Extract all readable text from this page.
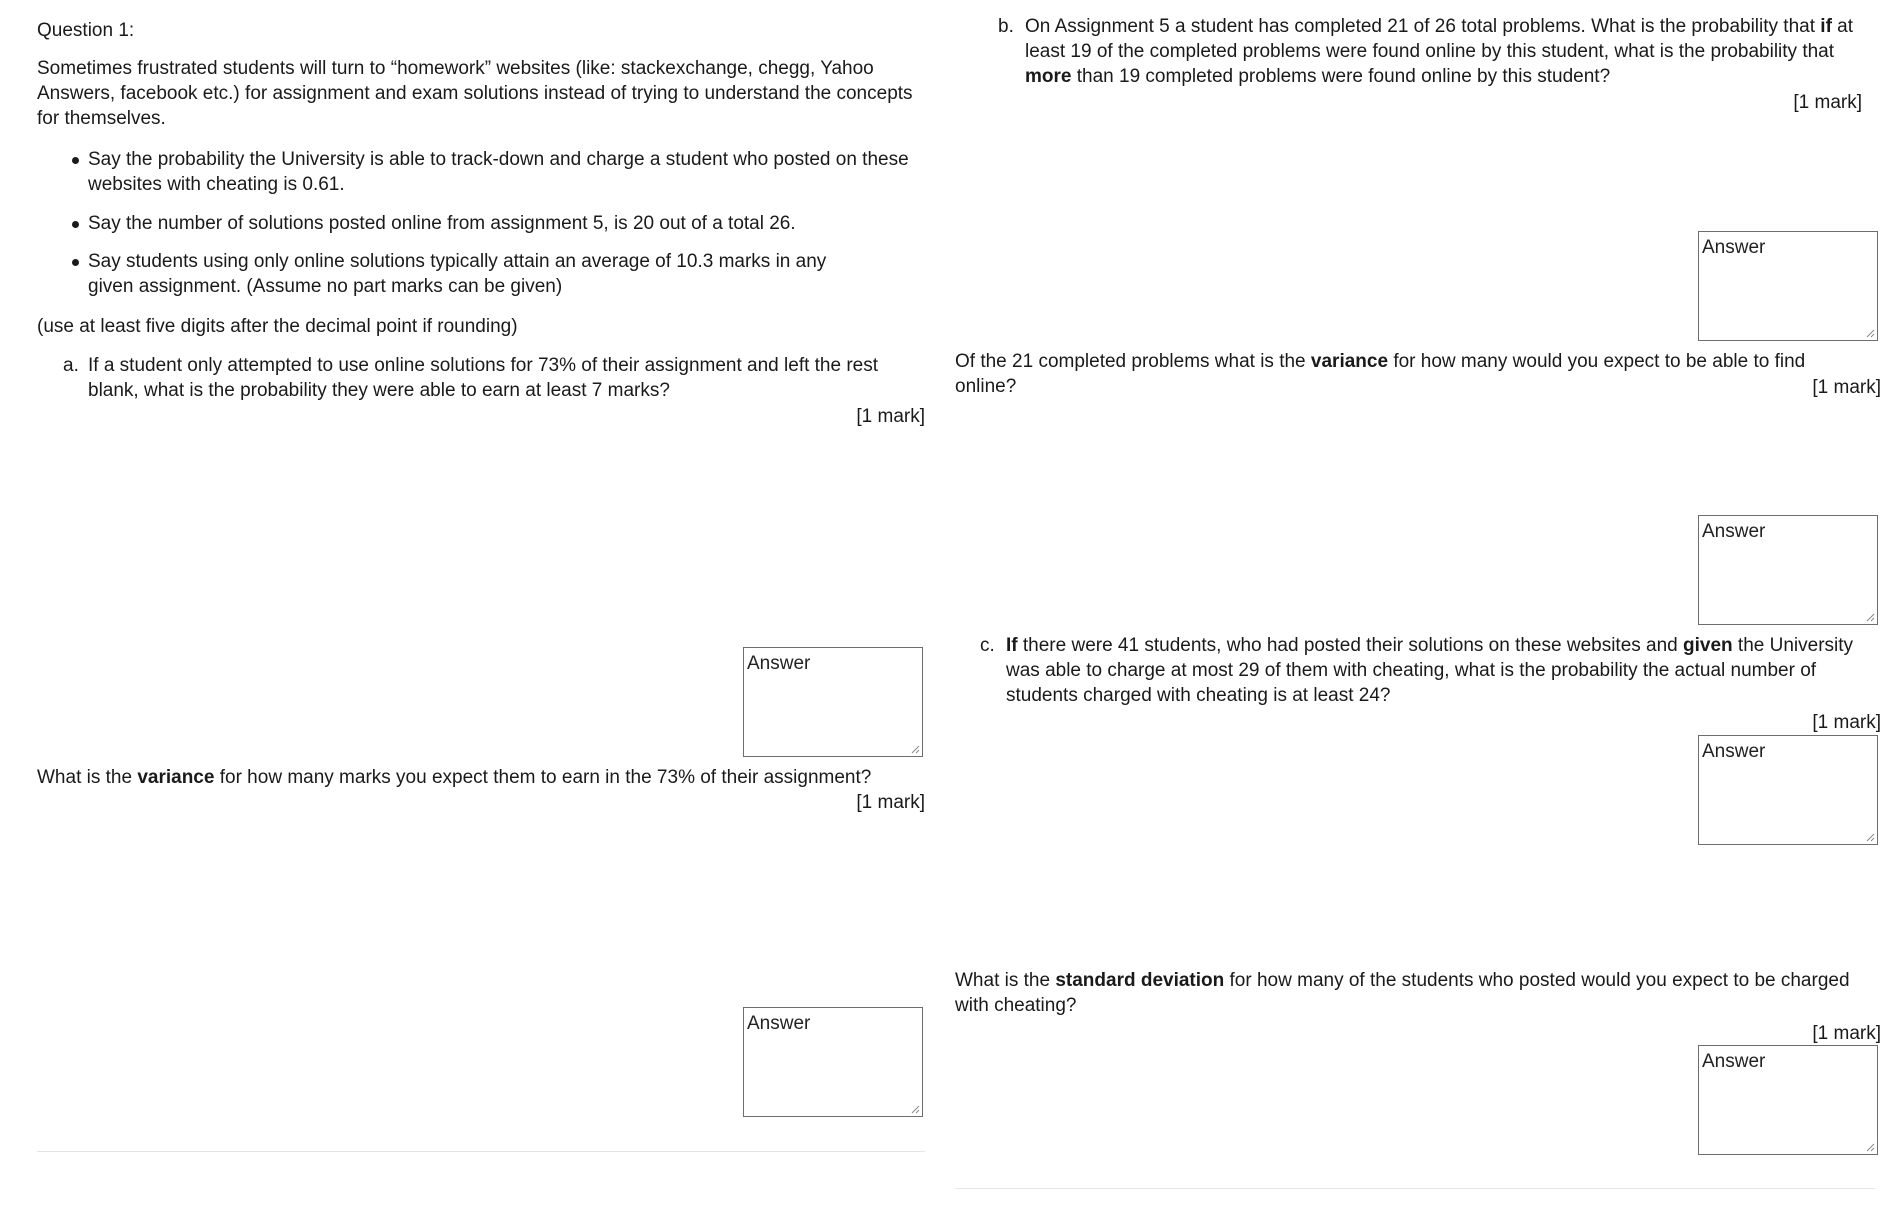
Question 1:

Sometimes frustrated students will turn to “homework” websites (like: stackexchange, chegg, Yahoo Answers, facebook etc.) for assignment and exam solutions instead of trying to understand the concepts for themselves.

Say the probability the University is able to track-down and charge a student who posted on these websites with cheating is 0.61.

Say the number of solutions posted online from assignment 5, is 20 out of a total 26.

Say students using only online solutions typically attain an average of 10.3 marks in any given assignment. (Assume no part marks can be given)

(use at least five digits after the decimal point if rounding)

a. If a student only attempted to use online solutions for 73% of their assignment and left the rest blank, what is the probability they were able to earn at least 7 marks?

[1 mark]
Answer

What is the variance for how many marks you expect them to earn in the 73% of their assignment?

[1 mark]
Answer

b. On Assignment 5 a student has completed 21 of 26 total problems. What is the probability that if at least 19 of the completed problems were found online by this student, what is the probability that more than 19 completed problems were found online by this student?

[1 mark]
Answer

Of the 21 completed problems what is the variance for how many would you expect to be able to find online?	[1 mark]
Answer

c. If there were 41 students, who had posted their solutions on these websites and given the University was able to charge at most 29 of them with cheating, what is the probability the actual number of students charged with cheating is at least 24?

[1 mark]
Answer

What is the standard deviation for how many of the students who posted would you expect to be charged with cheating?

[1 mark]
Answer
